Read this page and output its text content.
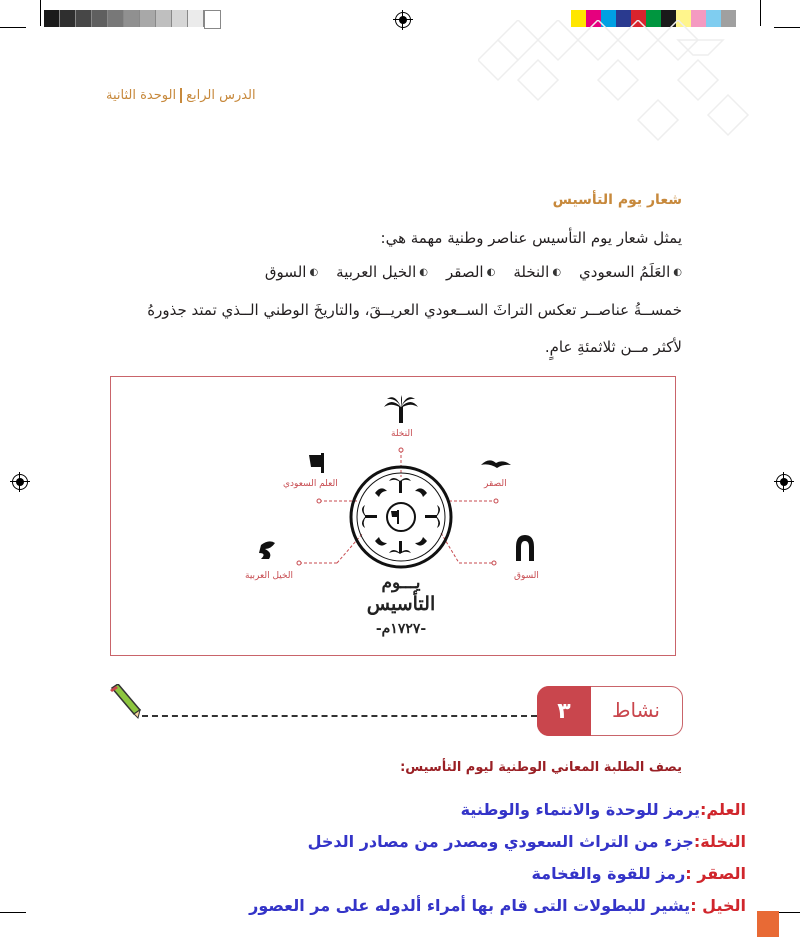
الدرس الرابعالوحدة الثانية
شعار يوم التأسيس
يمثل شعار يوم التأسيس عناصر وطنية مهمة هي:
◐
العَلَمُ السعودي
◐
النخلة
◐
الصقر
◐
الخيل العربية
◐
السوق
خمســةُ عناصــر تعكس التراثَ الســعودي العريــقَ، والتاريخَ الوطني الــذي تمتد جذورهُ
لأكثر مــن ثلاثمئةِ عامٍ.
النخلة
العلم السعودي	الصقر
الخيل العربية	السوق
يـــوم
التأسيس
-١٧٢٧م-
٣	نشاط
يصف الطلبة المعاني الوطنية ليوم التأسيس:
العلم:يرمز للوحدة والانتماء والوطنية
النخلة:جزء من التراث السعودي ومصدر من مصادر الدخل
الصقر :رمز للقوة والفخامة
الخيل :يشير للبطولات التى قام بها أمراء ألدوله على مر العصور
